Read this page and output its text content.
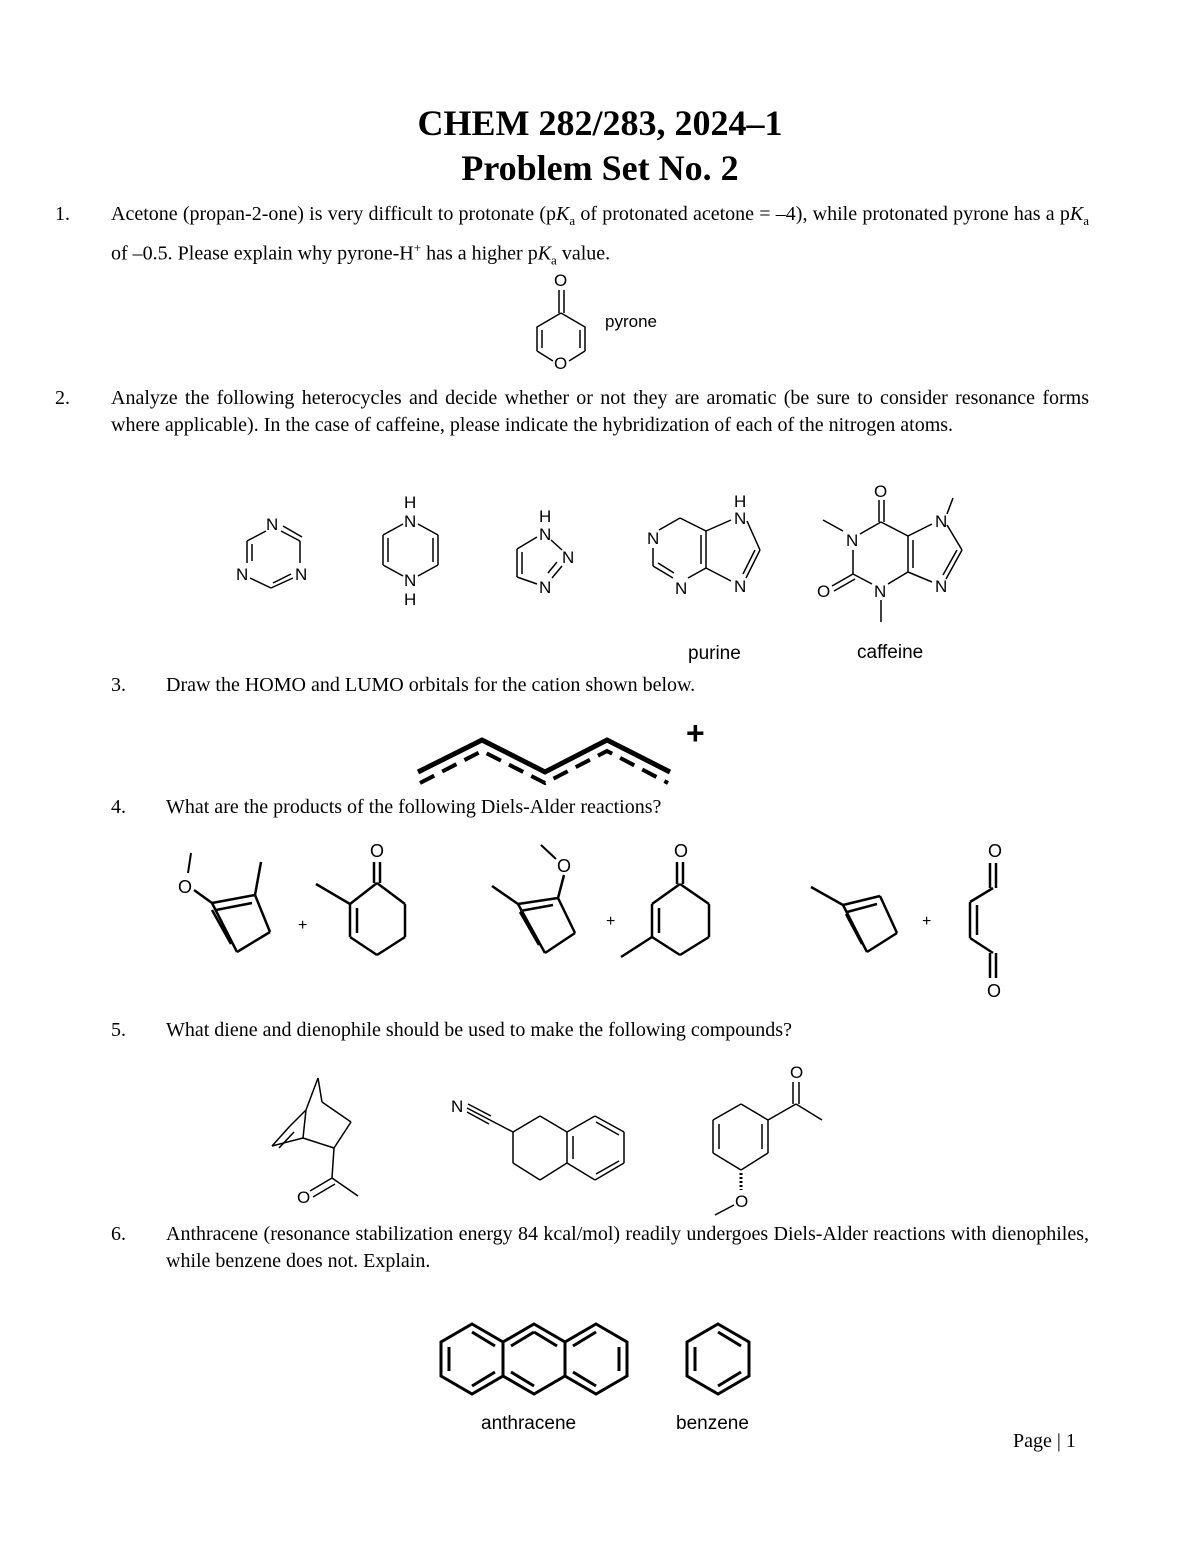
CHEM 282/283, 2024–1
Problem Set No. 2
1. Acetone (propan-2-one) is very difficult to protonate ($pK_a$ of protonated acetone = –4), while protonated pyrone has a $pK_a$ of –0.5. Please explain why pyrone-H+ has a higher $pK_a$ value.
O
O
pyrone
2. Analyze the following heterocycles and decide whether or not they are aromatic (be sure to consider resonance forms where applicable). In the case of caffeine, please indicate the hybridization of each of the nitrogen atoms.
N
N	N
H
N
N
H
H
N
N
N
H
N
N
N	N
O
N
N
O	N	N
purine	caffeine
3. Draw the HOMO and LUMO orbitals for the cation shown below.
+
4. What are the products of the following Diels-Alder reactions?
O
+
O
O
+
O
+
O
O
5. What diene and dienophile should be used to make the following compounds?
O
N
O
O
6. Anthracene (resonance stabilization energy 84 kcal/mol) readily undergoes Diels-Alder reactions with dienophiles, while benzene does not. Explain.
anthracene	benzene
Page | 1
